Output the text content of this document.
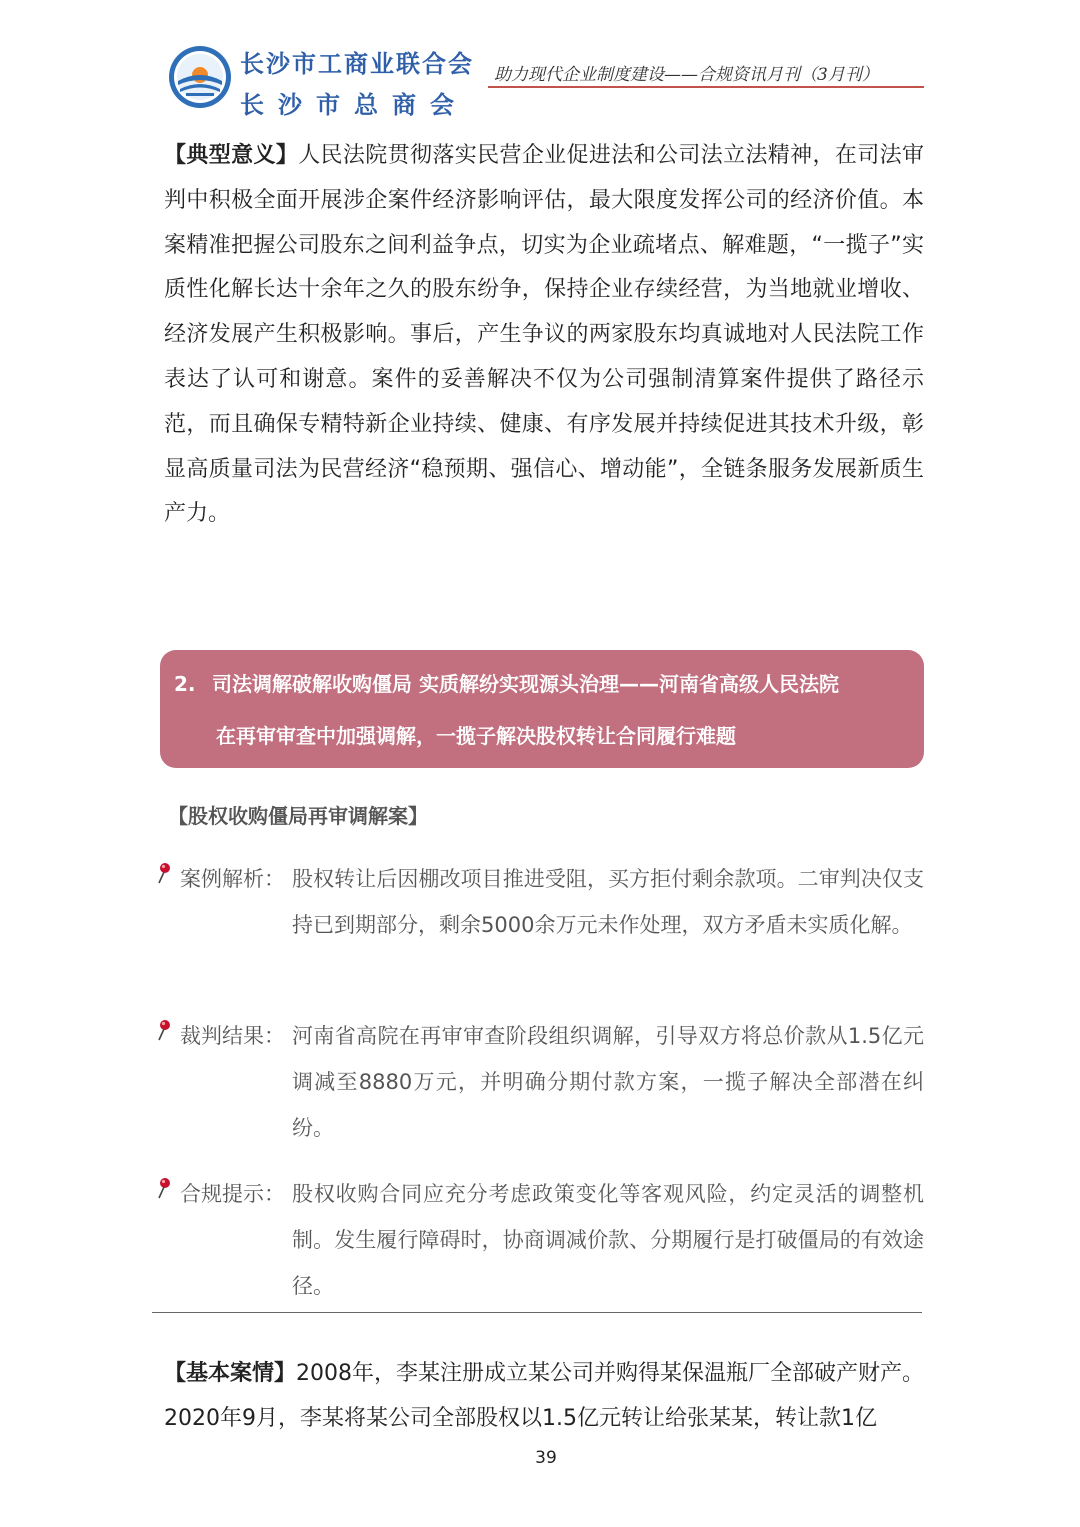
长沙市工商业联合会
长沙市总商会
助力现代企业制度建设——合规资讯月刊（3月刊）

【典型意义】人民法院贯彻落实民营企业促进法和公司法立法精神，在司法审判中积极全面开展涉企案件经济影响评估，最大限度发挥公司的经济价值。本案精准把握公司股东之间利益争点，切实为企业疏堵点、解难题，“一揽子”实质性化解长达十余年之久的股东纷争，保持企业存续经营，为当地就业增收、经济发展产生积极影响。事后，产生争议的两家股东均真诚地对人民法院工作表达了认可和谢意。案件的妥善解决不仅为公司强制清算案件提供了路径示范，而且确保专精特新企业持续、健康、有序发展并持续促进其技术升级，彰显高质量司法为民营经济“稳预期、强信心、增动能”，全链条服务发展新质生产力。

2. 司法调解破解收购僵局 实质解纷实现源头治理——河南省高级人民法院
在再审审查中加强调解，一揽子解决股权转让合同履行难题
【股权收购僵局再审调解案】
案例解析： 股权转让后因棚改项目推进受阻，买方拒付剩余款项。二审判决仅支持已到期部分，剩余5000余万元未作处理，双方矛盾未实质化解。
裁判结果： 河南省高院在再审审查阶段组织调解，引导双方将总价款从1.5亿元调减至8880万元，并明确分期付款方案，一揽子解决全部潜在纠纷。
合规提示： 股权收购合同应充分考虑政策变化等客观风险，约定灵活的调整机制。发生履行障碍时，协商调减价款、分期履行是打破僵局的有效途径。

【基本案情】2008年，李某注册成立某公司并购得某保温瓶厂全部破产财产。2020年9月，李某将某公司全部股权以1.5亿元转让给张某某，转让款1亿

39
